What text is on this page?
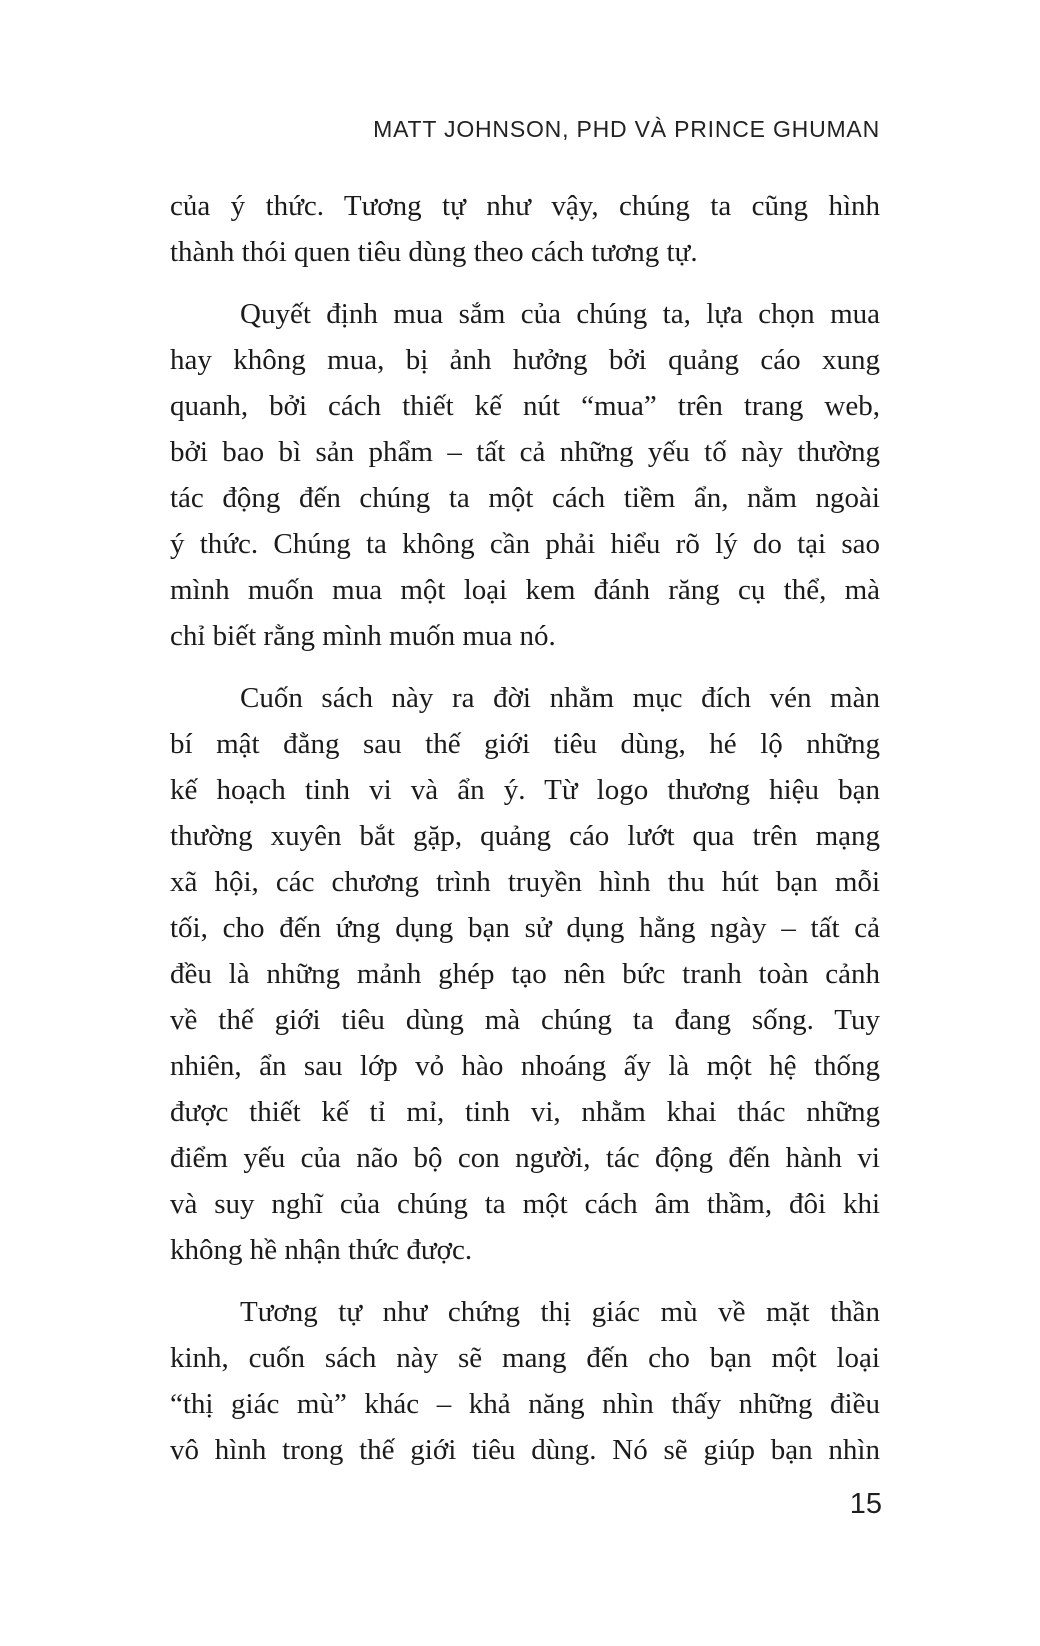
MATT JOHNSON, PHD VÀ PRINCE GHUMAN
của ý thức. Tương tự như vậy, chúng ta cũng hình
thành thói quen tiêu dùng theo cách tương tự.
Quyết định mua sắm của chúng ta, lựa chọn mua
hay không mua, bị ảnh hưởng bởi quảng cáo xung
quanh, bởi cách thiết kế nút “mua” trên trang web,
bởi bao bì sản phẩm – tất cả những yếu tố này thường
tác động đến chúng ta một cách tiềm ẩn, nằm ngoài
ý thức. Chúng ta không cần phải hiểu rõ lý do tại sao
mình muốn mua một loại kem đánh răng cụ thể, mà
chỉ biết rằng mình muốn mua nó.
Cuốn sách này ra đời nhằm mục đích vén màn
bí mật đằng sau thế giới tiêu dùng, hé lộ những
kế hoạch tinh vi và ẩn ý. Từ logo thương hiệu bạn
thường xuyên bắt gặp, quảng cáo lướt qua trên mạng
xã hội, các chương trình truyền hình thu hút bạn mỗi
tối, cho đến ứng dụng bạn sử dụng hằng ngày – tất cả
đều là những mảnh ghép tạo nên bức tranh toàn cảnh
về thế giới tiêu dùng mà chúng ta đang sống. Tuy
nhiên, ẩn sau lớp vỏ hào nhoáng ấy là một hệ thống
được thiết kế tỉ mỉ, tinh vi, nhằm khai thác những
điểm yếu của não bộ con người, tác động đến hành vi
và suy nghĩ của chúng ta một cách âm thầm, đôi khi
không hề nhận thức được.
Tương tự như chứng thị giác mù về mặt thần
kinh, cuốn sách này sẽ mang đến cho bạn một loại
“thị giác mù” khác – khả năng nhìn thấy những điều
vô hình trong thế giới tiêu dùng. Nó sẽ giúp bạn nhìn
15
